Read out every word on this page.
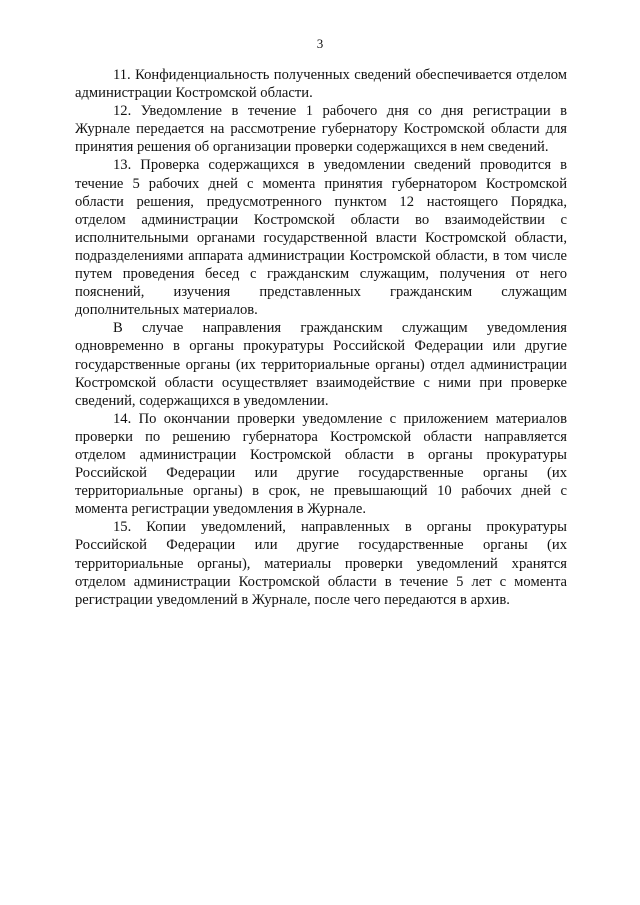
3

11. Конфиденциальность полученных сведений обеспечивается отделом администрации Костромской области.

12. Уведомление в течение 1 рабочего дня со дня регистрации в Журнале передается на рассмотрение губернатору Костромской области для принятия решения об организации проверки содержащихся в нем сведений.

13. Проверка содержащихся в уведомлении сведений проводится в течение 5 рабочих дней с момента принятия губернатором Костромской области решения, предусмотренного пунктом 12 настоящего Порядка, отделом администрации Костромской области во взаимодействии с исполнительными органами государственной власти Костромской области, подразделениями аппарата администрации Костромской области, в том числе путем проведения бесед с гражданским служащим, получения от него пояснений, изучения представленных гражданским служащим дополнительных материалов.

В случае направления гражданским служащим уведомления одновременно в органы прокуратуры Российской Федерации или другие государственные органы (их территориальные органы) отдел администрации Костромской области осуществляет взаимодействие с ними при проверке сведений, содержащихся в уведомлении.

14. По окончании проверки уведомление с приложением материалов проверки по решению губернатора Костромской области направляется отделом администрации Костромской области в органы прокуратуры Российской Федерации или другие государственные органы (их территориальные органы) в срок, не превышающий 10 рабочих дней с момента регистрации уведомления в Журнале.

15. Копии уведомлений, направленных в органы прокуратуры Российской Федерации или другие государственные органы (их территориальные органы), материалы проверки уведомлений хранятся отделом администрации Костромской области в течение 5 лет с момента регистрации уведомлений в Журнале, после чего передаются в архив.
